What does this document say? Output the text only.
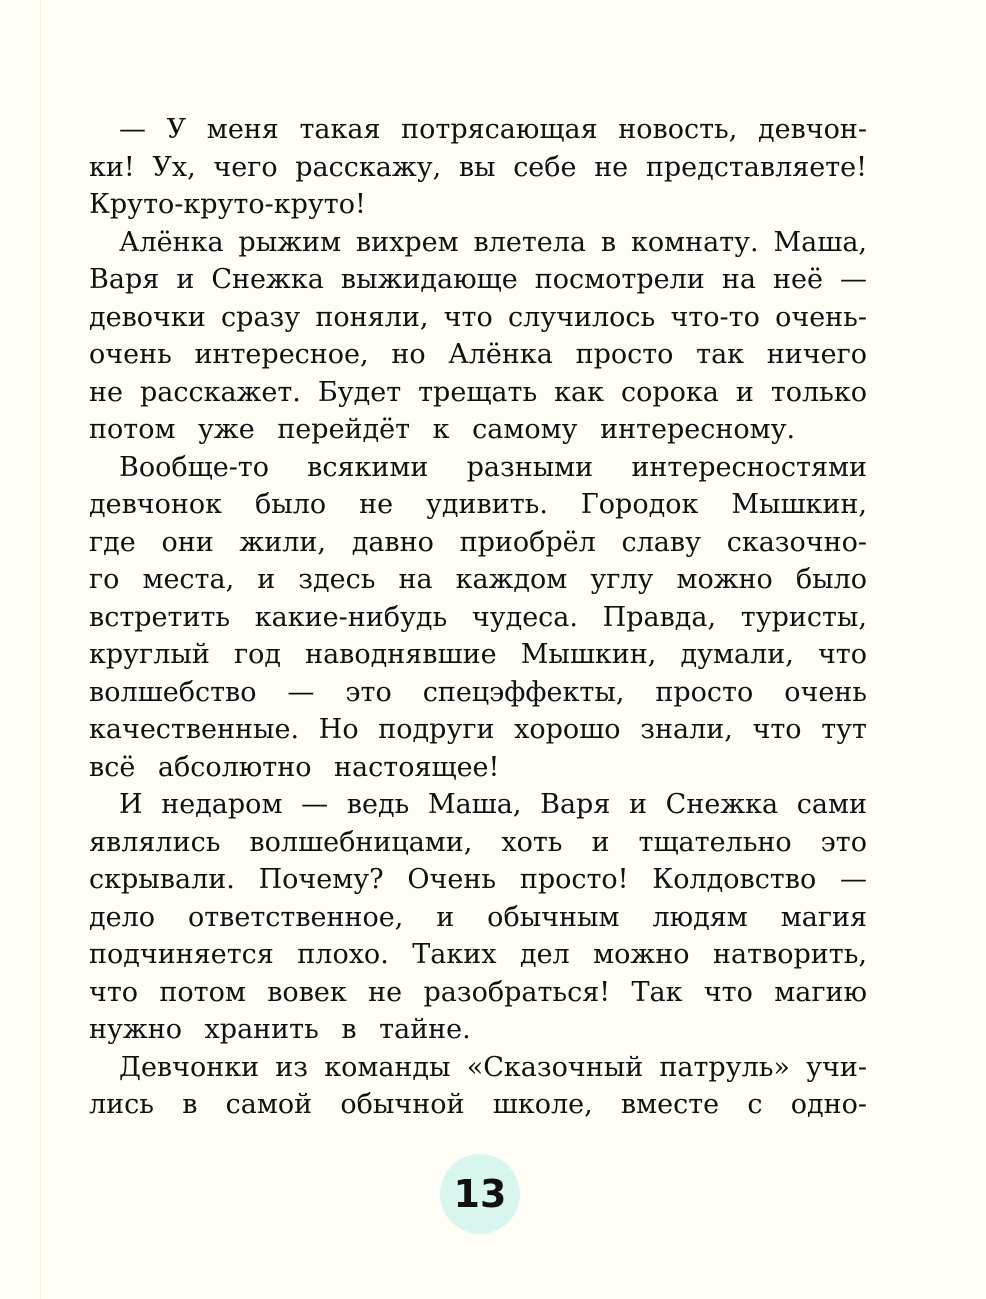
— У меня такая потрясающая новость, девчон-
ки! Ух, чего расскажу, вы себе не представляете!
Круто-круто-круто!
Алёнка рыжим вихрем влетела в комнату. Маша,
Варя и Снежка выжидающе посмотрели на неё —
девочки сразу поняли, что случилось что-то очень-
очень интересное, но Алёнка просто так ничего
не расскажет. Будет трещать как сорока и только
потом уже перейдёт к самому интересному.
Вообще-то всякими разными интересностями
девчонок было не удивить. Городок Мышкин,
где они жили, давно приобрёл славу сказочно-
го места, и здесь на каждом углу можно было
встретить какие-нибудь чудеса. Правда, туристы,
круглый год наводнявшие Мышкин, думали, что
волшебство — это спецэффекты, просто очень
качественные. Но подруги хорошо знали, что тут
всё абсолютно настоящее!
И недаром — ведь Маша, Варя и Снежка сами
являлись волшебницами, хоть и тщательно это
скрывали. Почему? Очень просто! Колдовство —
дело ответственное, и обычным людям магия
подчиняется плохо. Таких дел можно натворить,
что потом вовек не разобраться! Так что магию
нужно хранить в тайне.
Девчонки из команды «Сказочный патруль» учи-
лись в самой обычной школе, вместе с одно-
13
